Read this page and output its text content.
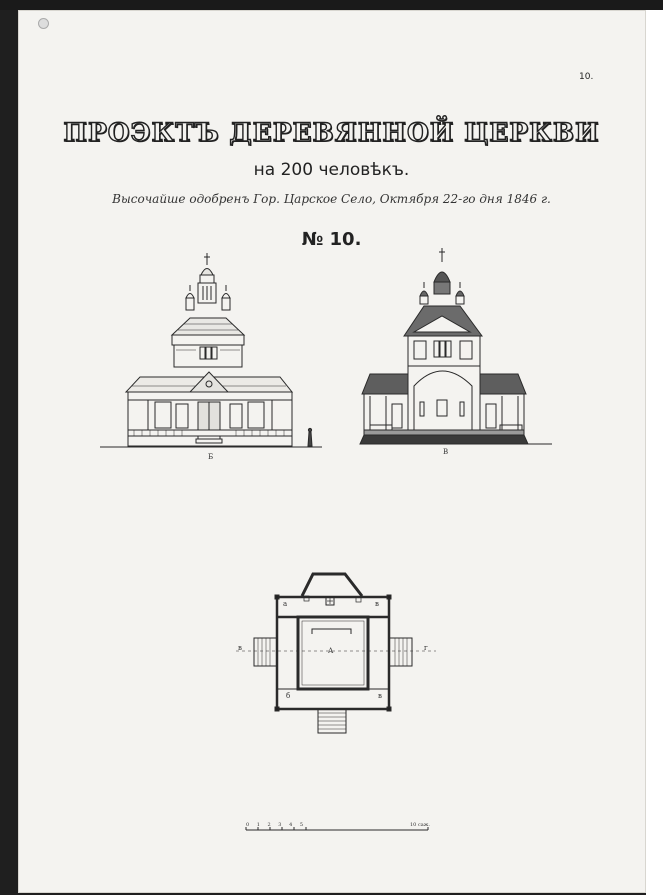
10.
ПРОЭКТЪ ДЕРЕВЯННОЙ ЦЕРКВИ
на 200 человѣкъ.
Высочайше одобренъ Гор. Царское Село, Октября 22-го дня 1846 г.
№ 10.
Б
В
А
а
б
в
в
г
в
0 1 2 3 4 5	10 саж.
